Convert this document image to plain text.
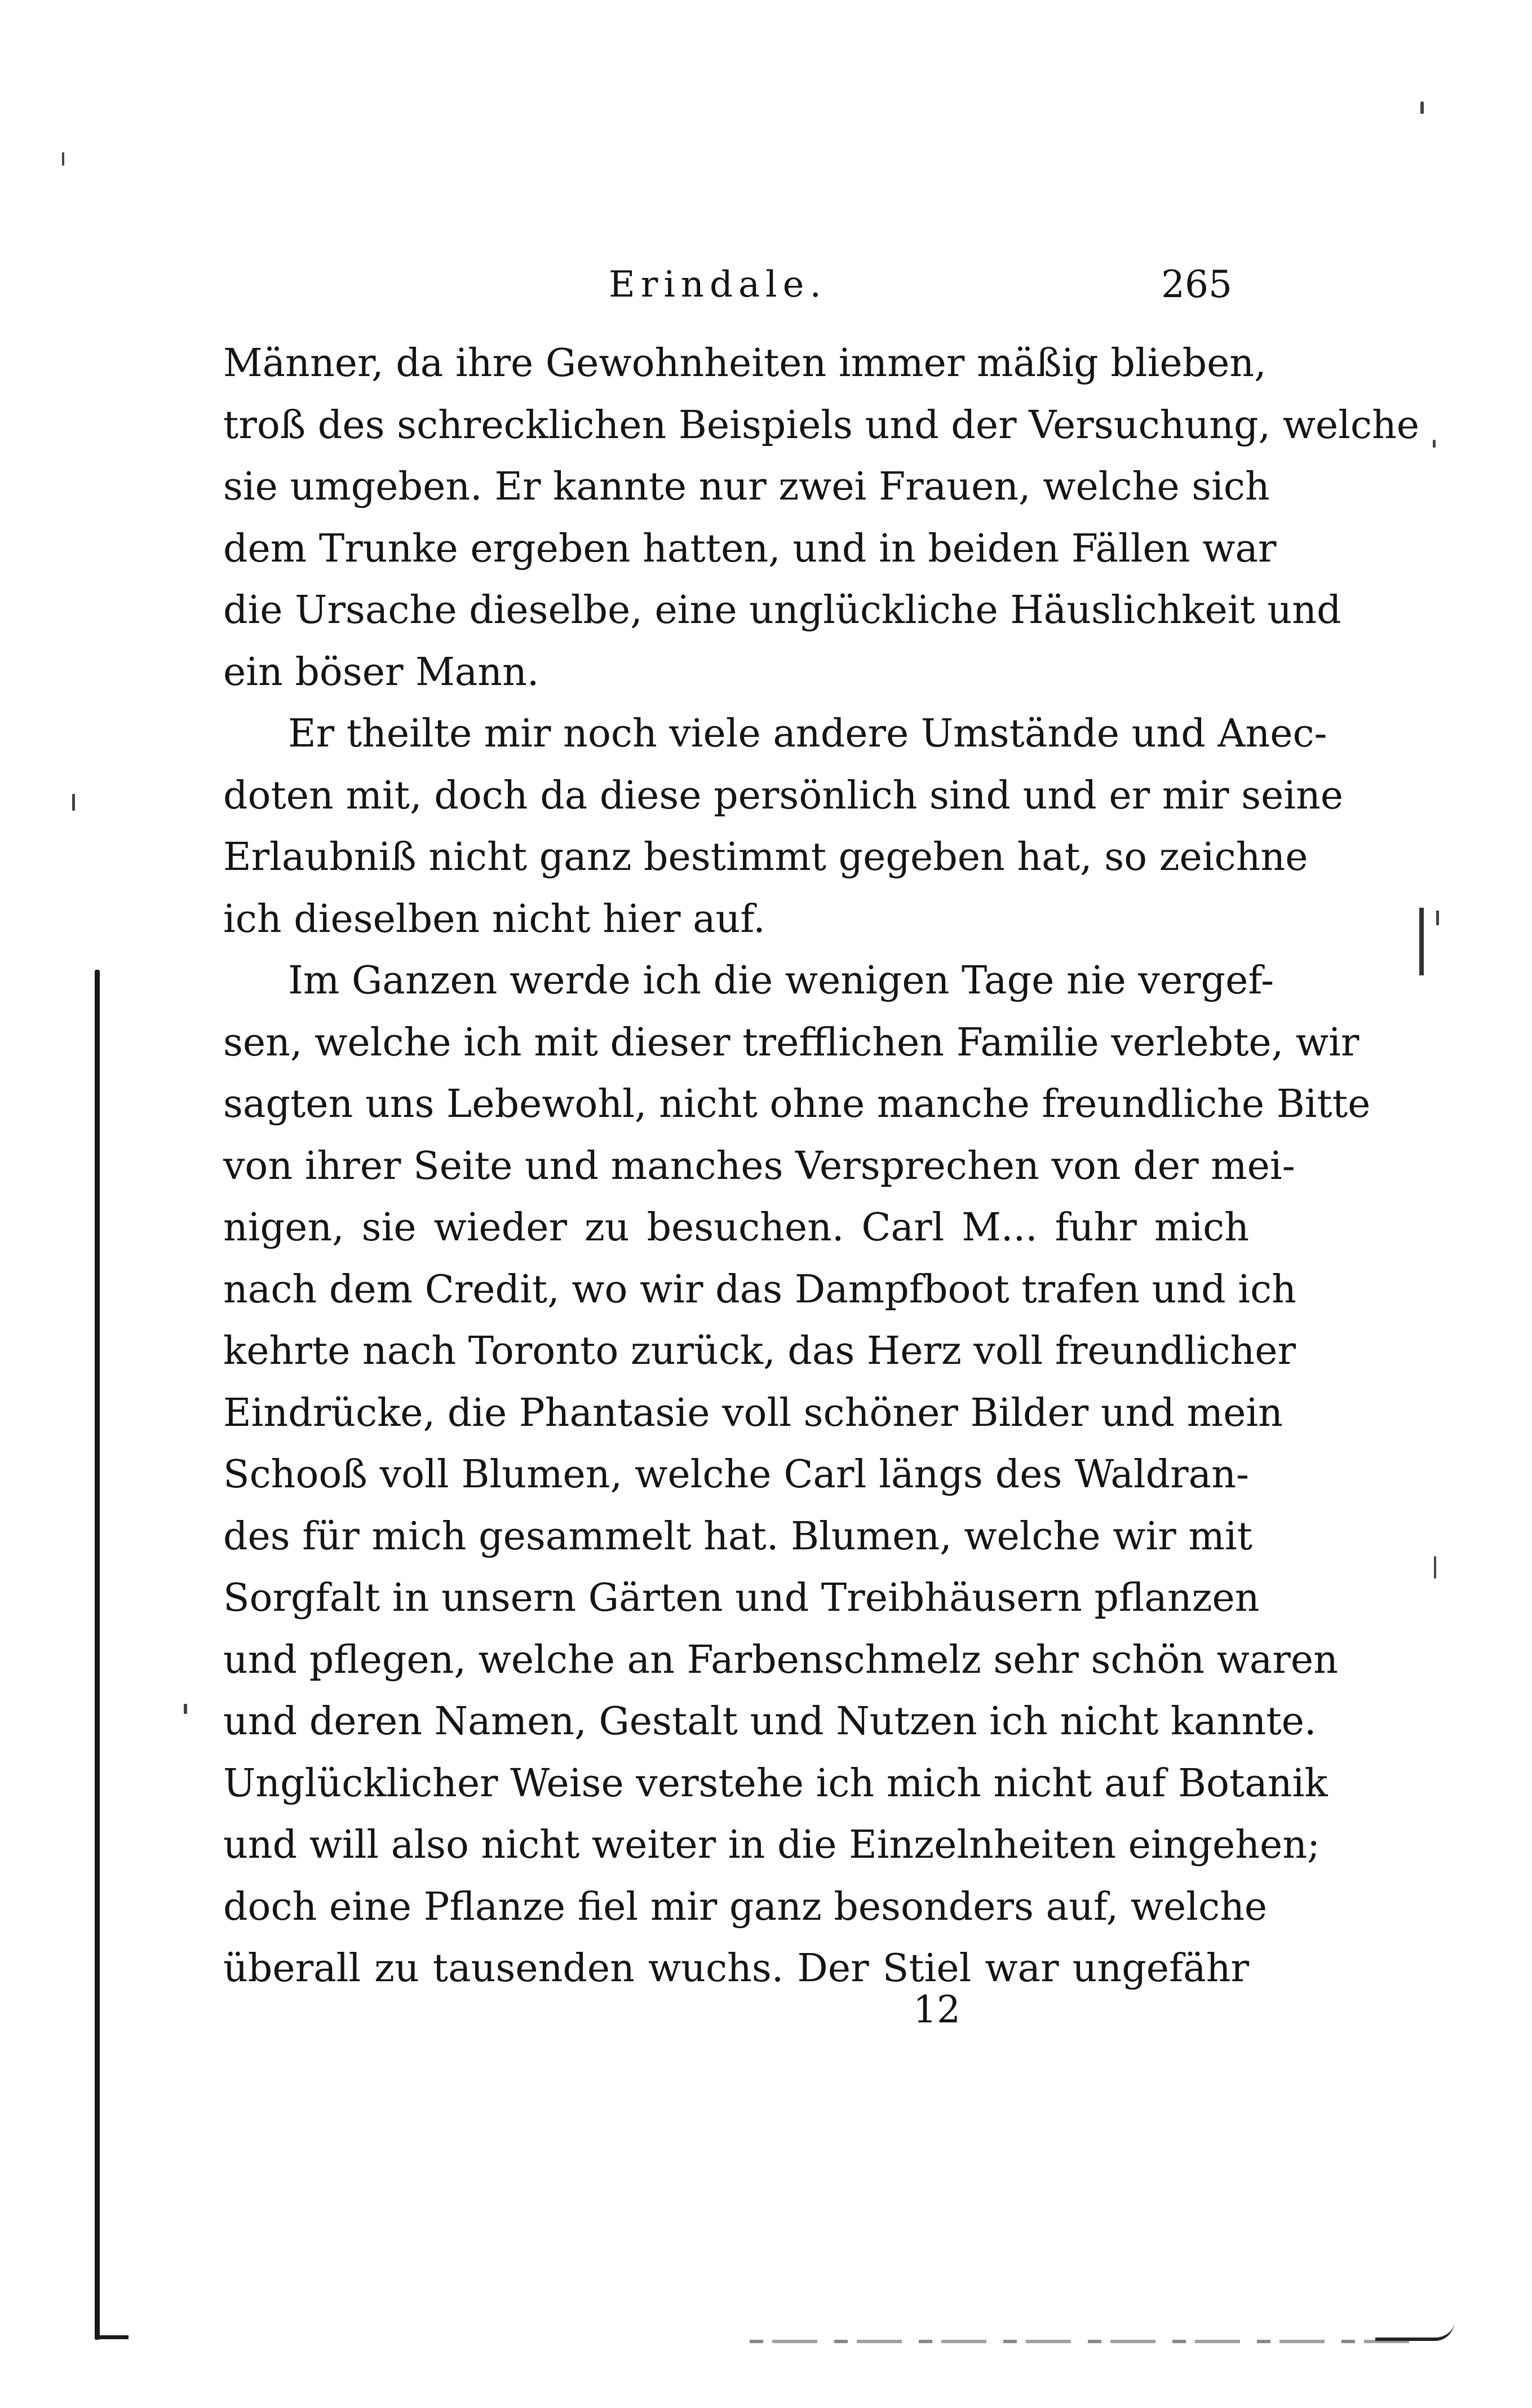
Erindale.	265
Männer, da ihre Gewohnheiten immer mäßig blieben,
troß des schrecklichen Beispiels und der Versuchung, welche
sie umgeben. Er kannte nur zwei Frauen, welche sich
dem Trunke ergeben hatten, und in beiden Fällen war
die Ursache dieselbe, eine unglückliche Häuslichkeit und
ein böser Mann.
Er theilte mir noch viele andere Umstände und Anec-
doten mit, doch da diese persönlich sind und er mir seine
Erlaubniß nicht ganz bestimmt gegeben hat, so zeichne
ich dieselben nicht hier auf.
Im Ganzen werde ich die wenigen Tage nie vergef-
sen, welche ich mit dieser trefflichen Familie verlebte, wir
sagten uns Lebewohl, nicht ohne manche freundliche Bitte
von ihrer Seite und manches Versprechen von der mei-
nigen, sie wieder zu besuchen. Carl M... fuhr mich
nach dem Credit, wo wir das Dampfboot trafen und ich
kehrte nach Toronto zurück, das Herz voll freundlicher
Eindrücke, die Phantasie voll schöner Bilder und mein
Schooß voll Blumen, welche Carl längs des Waldran-
des für mich gesammelt hat. Blumen, welche wir mit
Sorgfalt in unsern Gärten und Treibhäusern pflanzen
und pflegen, welche an Farbenschmelz sehr schön waren
und deren Namen, Gestalt und Nutzen ich nicht kannte.
Unglücklicher Weise verstehe ich mich nicht auf Botanik
und will also nicht weiter in die Einzelnheiten eingehen;
doch eine Pflanze fiel mir ganz besonders auf, welche
überall zu tausenden wuchs. Der Stiel war ungefähr
12
